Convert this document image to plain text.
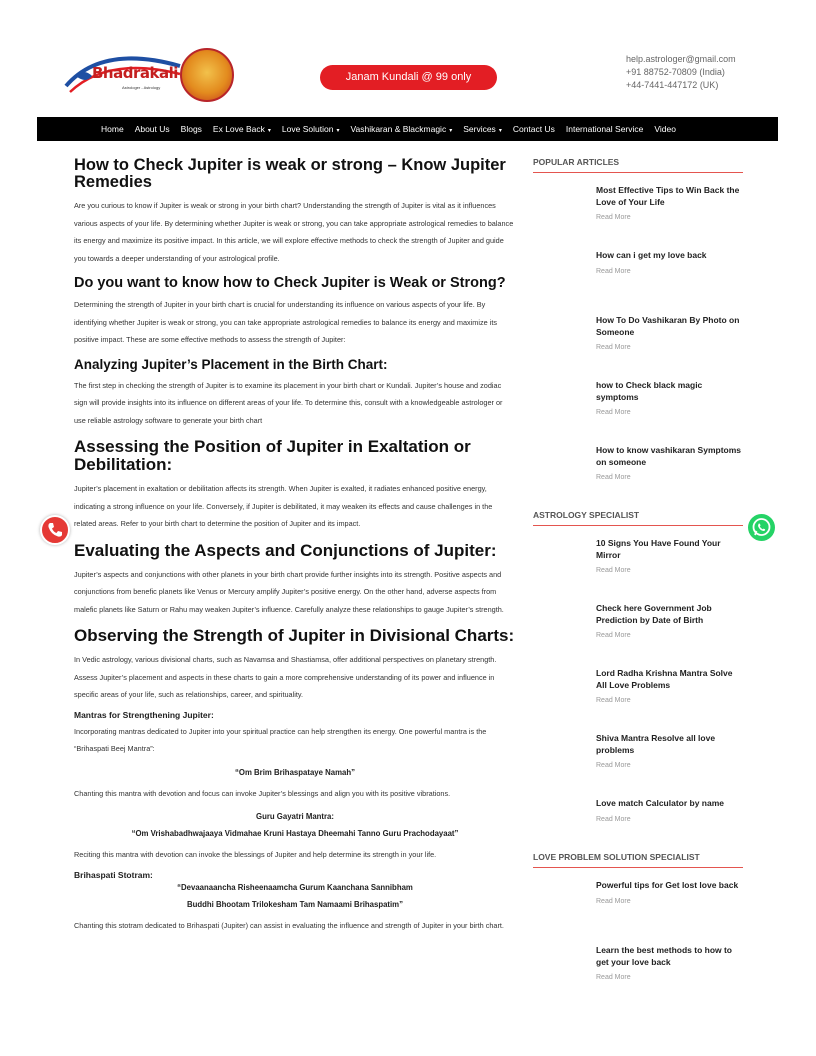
Bhadrakali
Astrologer - Astrology
Janam Kundali @ 99 only
help.astrologer@gmail.com
+91 88752-70809 (India)
+44-7441-447172 (UK)
Home About Us Blogs Ex Love Back ▾ Love Solution ▾ Vashikaran & Blackmagic ▾ Services ▾ Contact Us International Service Video
How to Check Jupiter is weak or strong – Know Jupiter Remedies
Are you curious to know if Jupiter is weak or strong in your birth chart? Understanding the strength of Jupiter is vital as it influences various aspects of your life. By determining whether Jupiter is weak or strong, you can take appropriate astrological remedies to balance its energy and maximize its positive impact. In this article, we will explore effective methods to check the strength of Jupiter and guide you towards a deeper understanding of your astrological profile.
Do you want to know how to Check Jupiter is Weak or Strong?
Determining the strength of Jupiter in your birth chart is crucial for understanding its influence on various aspects of your life. By identifying whether Jupiter is weak or strong, you can take appropriate astrological remedies to balance its energy and maximize its positive impact. These are some effective methods to assess the strength of Jupiter:
Analyzing Jupiter’s Placement in the Birth Chart:
The first step in checking the strength of Jupiter is to examine its placement in your birth chart or Kundali. Jupiter’s house and zodiac sign will provide insights into its influence on different areas of your life. To determine this, consult with a knowledgeable astrologer or use reliable astrology software to generate your birth chart
Assessing the Position of Jupiter in Exaltation or Debilitation:
Jupiter’s placement in exaltation or debilitation affects its strength. When Jupiter is exalted, it radiates enhanced positive energy, indicating a strong influence on your life. Conversely, if Jupiter is debilitated, it may weaken its effects and cause challenges in the related areas. Refer to your birth chart to determine the position of Jupiter and its impact.
Evaluating the Aspects and Conjunctions of Jupiter:
Jupiter’s aspects and conjunctions with other planets in your birth chart provide further insights into its strength. Positive aspects and conjunctions from benefic planets like Venus or Mercury amplify Jupiter’s positive energy. On the other hand, adverse aspects from malefic planets like Saturn or Rahu may weaken Jupiter’s influence. Carefully analyze these relationships to gauge Jupiter’s strength.
Observing the Strength of Jupiter in Divisional Charts:
In Vedic astrology, various divisional charts, such as Navamsa and Shastiamsa, offer additional perspectives on planetary strength. Assess Jupiter’s placement and aspects in these charts to gain a more comprehensive understanding of its power and influence in specific areas of your life, such as relationships, career, and spirituality.
Mantras for Strengthening Jupiter:
Incorporating mantras dedicated to Jupiter into your spiritual practice can help strengthen its energy. One powerful mantra is the “Brihaspati Beej Mantra”:
“Om Brim Brihaspataye Namah”
Chanting this mantra with devotion and focus can invoke Jupiter’s blessings and align you with its positive vibrations.
Guru Gayatri Mantra:
“Om Vrishabadhwajaaya Vidmahae Kruni Hastaya Dheemahi Tanno Guru Prachodayaat”
Reciting this mantra with devotion can invoke the blessings of Jupiter and help determine its strength in your life.
Brihaspati Stotram:
“Devaanaancha Risheenaamcha Gurum Kaanchana Sannibham
Buddhi Bhootam Trilokesham Tam Namaami Brihaspatim”
Chanting this stotram dedicated to Brihaspati (Jupiter) can assist in evaluating the influence and strength of Jupiter in your birth chart.
POPULAR ARTICLES
Most Effective Tips to Win Back the Love of Your Life
Read More
How can i get my love back
Read More
How To Do Vashikaran By Photo on Someone
Read More
how to Check black magic symptoms
Read More
How to know vashikaran Symptoms on someone
Read More
ASTROLOGY SPECIALIST
10 Signs You Have Found Your Mirror
Read More
Check here Government Job Prediction by Date of Birth
Read More
Lord Radha Krishna Mantra Solve All Love Problems
Read More
Shiva Mantra Resolve all love problems
Read More
Love match Calculator by name
Read More
LOVE PROBLEM SOLUTION SPECIALIST
Powerful tips for Get lost love back
Read More
Learn the best methods to how to get your love back
Read More
